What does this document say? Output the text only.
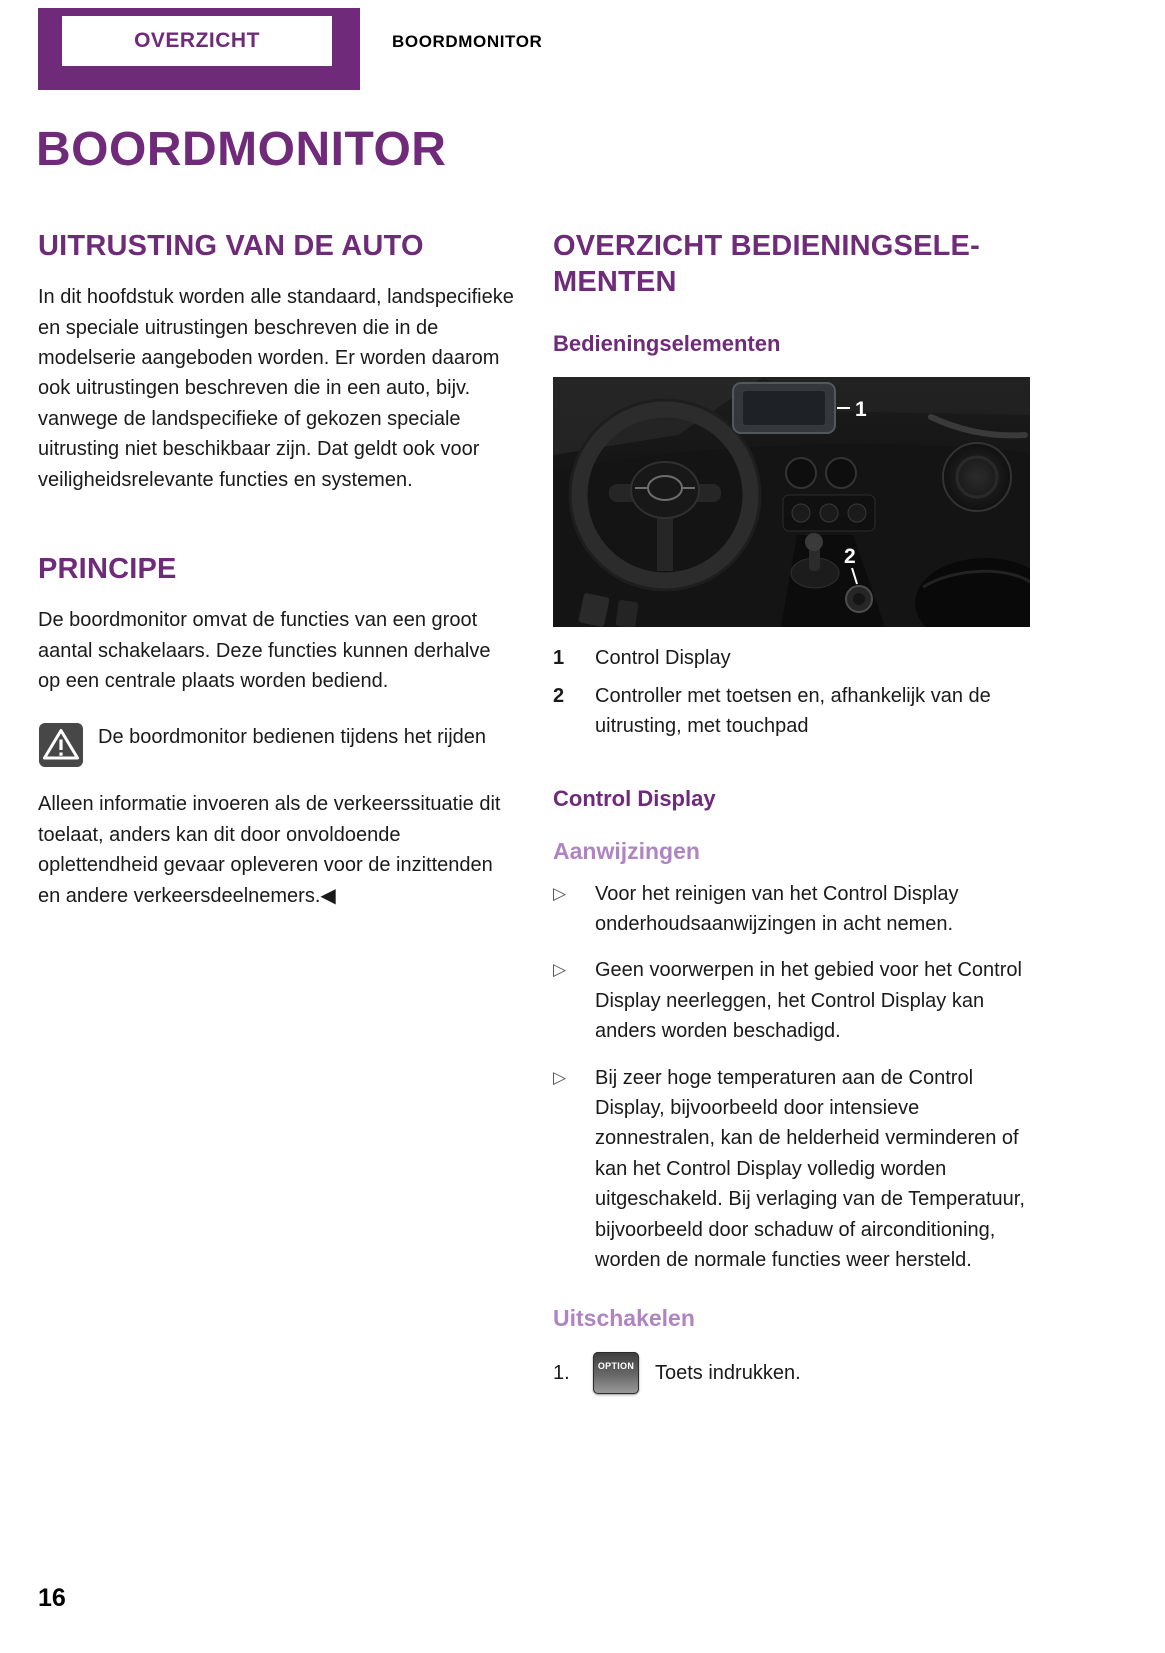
OVERZICHT	BOORDMONITOR
BOORDMONITOR
UITRUSTING VAN DE AUTO

In dit hoofdstuk worden alle standaard, landspecifieke en speciale uitrustingen beschreven die in de modelserie aangeboden worden. Er worden daarom ook uitrustingen beschreven die in een auto, bijv. vanwege de landspecifieke of gekozen speciale uitrusting niet beschikbaar zijn. Dat geldt ook voor veiligheidsrelevante functies en systemen.

PRINCIPE

De boordmonitor omvat de functies van een groot aantal schakelaars. Deze functies kunnen derhalve op een centrale plaats worden bediend.

De boordmonitor bedienen tijdens het rijden

Alleen informatie invoeren als de verkeerssituatie dit toelaat, anders kan dit door onvoldoende oplettendheid gevaar opleveren voor de inzittenden en andere verkeersdeelnemers.◀

OVERZICHT BEDIENINGSELE-MENTEN
Bedieningselementen
1
2
1	Control Display
2	Controller met toetsen en, afhankelijk van de uitrusting, met touchpad
Control Display
Aanwijzingen
▷	Voor het reinigen van het Control Display onderhoudsaanwijzingen in acht nemen.
▷	Geen voorwerpen in het gebied voor het Control Display neerleggen, het Control Display kan anders worden beschadigd.
▷	Bij zeer hoge temperaturen aan de Control Display, bijvoorbeeld door intensieve zonnestralen, kan de helderheid verminderen of kan het Control Display volledig worden uitgeschakeld. Bij verlaging van de Temperatuur, bijvoorbeeld door schaduw of airconditioning, worden de normale functies weer hersteld.
Uitschakelen
1.	OPTION Toets indrukken.
16
